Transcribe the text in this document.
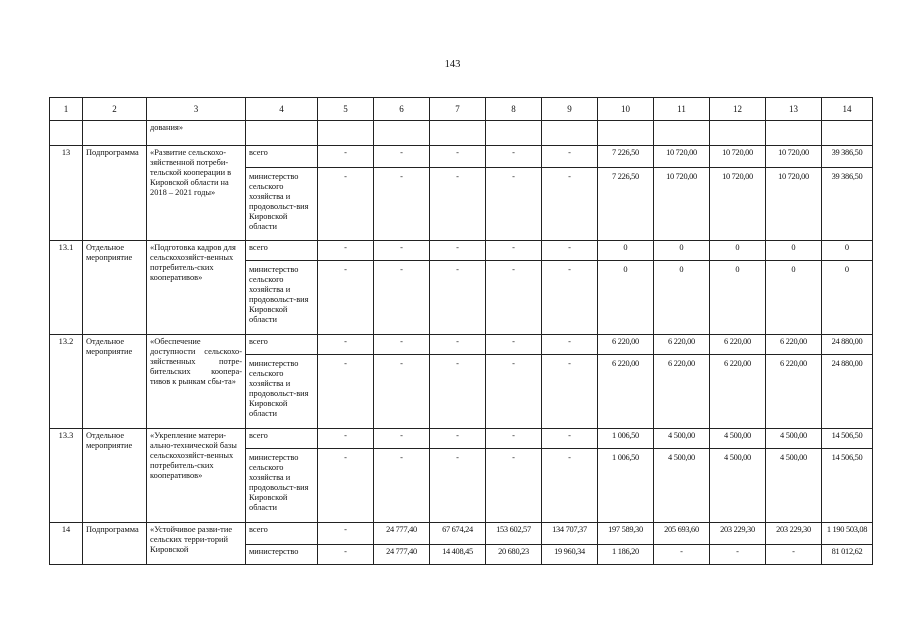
143
1	2	3	4	5	6	7	8	9	10	11	12	13	14
		дования»											
13	Подпрограмма	«Развитие сельскохо-зяйственной потреби-тельской кооперации в Кировской области на 2018 – 2021 годы»	всего	-	-	-	-	-	7 226,50	10 720,00	10 720,00	10 720,00	39 386,50
			министерство сельского хозяйства и продовольст-вия Кировской области	-	-	-	-	-	7 226,50	10 720,00	10 720,00	10 720,00	39 386,50
13.1	Отдельное мероприятие	«Подготовка кадров для сельскохозяйст-венных потребитель-ских кооперативов»	всего	-	-	-	-	-	0	0	0	0	0
			министерство сельского хозяйства и продовольст-вия Кировской области	-	-	-	-	-	0	0	0	0	0
13.2	Отдельное мероприятие	«Обеспечение доступности сельскохо-зяйственных потре-бительских коопера-тивов к рынкам сбы-та»	всего	-	-	-	-	-	6 220,00	6 220,00	6 220,00	6 220,00	24 880,00
			министерство сельского хозяйства и продовольст-вия Кировской области	-	-	-	-	-	6 220,00	6 220,00	6 220,00	6 220,00	24 880,00
13.3	Отдельное мероприятие	«Укрепление матери-ально-технической базы сельскохозяйст-венных потребитель-ских кооперативов»	всего	-	-	-	-	-	1 006,50	4 500,00	4 500,00	4 500,00	14 506,50
			министерство сельского хозяйства и продовольст-вия Кировской области	-	-	-	-	-	1 006,50	4 500,00	4 500,00	4 500,00	14 506,50
14	Подпрограмма	«Устойчивое разви-тие сельских терри-торий Кировской	всего	-	24 777,40	67 674,24	153 602,57	134 707,37	197 589,30	205 693,60	203 229,30	203 229,30	1 190 503,08
			министерство	-	24 777,40	14 408,45	20 680,23	19 960,34	1 186,20	-	-	-	81 012,62
